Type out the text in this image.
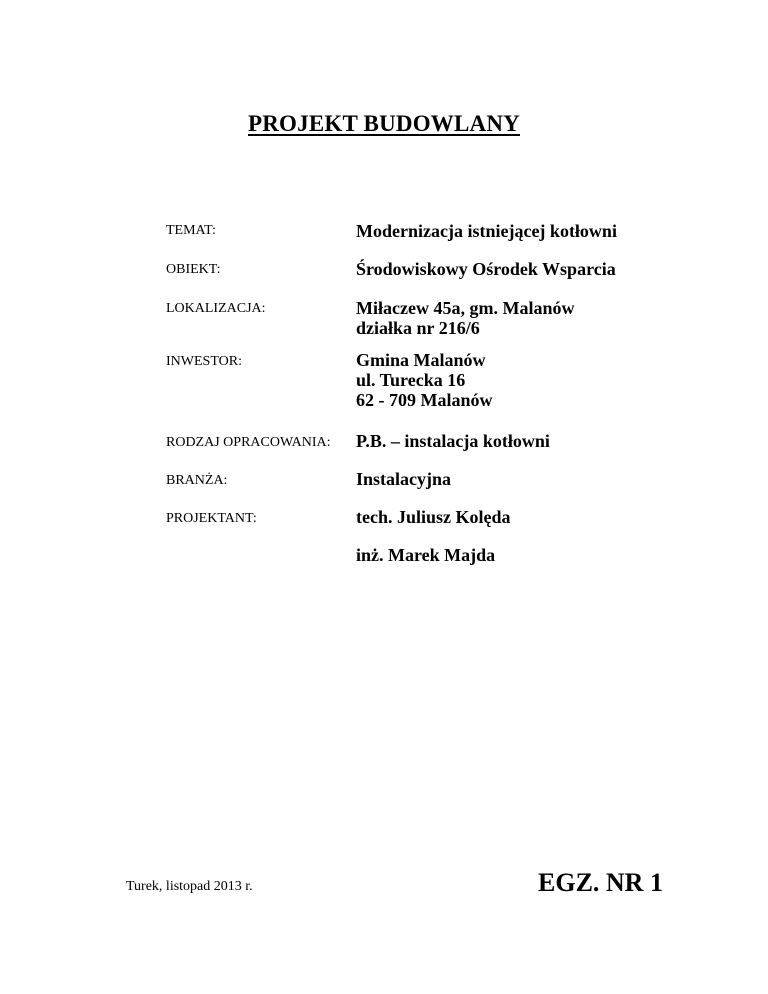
PROJEKT BUDOWLANY
TEMAT:	Modernizacja istniejącej kotłowni
OBIEKT:	Środowiskowy Ośrodek Wsparcia
LOKALIZACJA:	Miłaczew 45a, gm. Malanów
działka nr 216/6
INWESTOR:	Gmina Malanów
ul. Turecka 16
62 - 709 Malanów
RODZAJ OPRACOWANIA: P.B. – instalacja kotłowni
BRANŻA:	Instalacyjna
PROJEKTANT:	tech. Juliusz Kolęda
inż. Marek Majda
Turek, listopad 2013 r.	EGZ. NR 1
